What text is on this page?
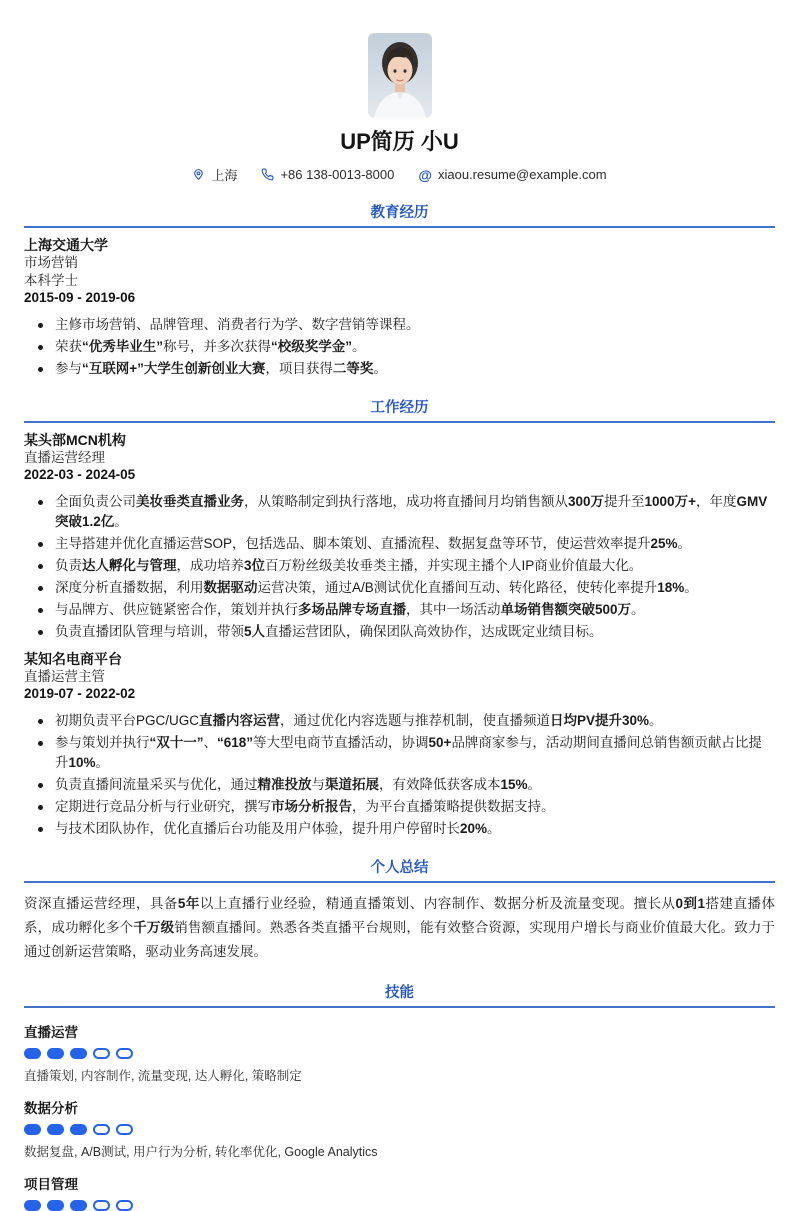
UP简历 小U
上海	+86 138-0013-8000 @ xiaou.resume@example.com
教育经历
上海交通大学
市场营销
本科学士
2015-09 - 2019-06
主修市场营销、品牌管理、消费者行为学、数字营销等课程。
荣获“优秀毕业生”称号，并多次获得“校级奖学金”。
参与“互联网+”大学生创新创业大赛，项目获得二等奖。
工作经历
某头部MCN机构
直播运营经理
2022-03 - 2024-05
全面负责公司美妆垂类直播业务，从策略制定到执行落地，成功将直播间月均销售额从300万提升至1000万+，年度GMV突破1.2亿。
主导搭建并优化直播运营SOP，包括选品、脚本策划、直播流程、数据复盘等环节，使运营效率提升25%。
负责达人孵化与管理，成功培养3位百万粉丝级美妆垂类主播，并实现主播个人IP商业价值最大化。
深度分析直播数据，利用数据驱动运营决策，通过A/B测试优化直播间互动、转化路径，使转化率提升18%。
与品牌方、供应链紧密合作，策划并执行多场品牌专场直播，其中一场活动单场销售额突破500万。
负责直播团队管理与培训，带领5人直播运营团队，确保团队高效协作，达成既定业绩目标。
某知名电商平台
直播运营主管
2019-07 - 2022-02
初期负责平台PGC/UGC直播内容运营，通过优化内容选题与推荐机制，使直播频道日均PV提升30%。
参与策划并执行“双十一”、“618”等大型电商节直播活动，协调50+品牌商家参与，活动期间直播间总销售额贡献占比提升10%。
负责直播间流量采买与优化，通过精准投放与渠道拓展，有效降低获客成本15%。
定期进行竞品分析与行业研究，撰写市场分析报告，为平台直播策略提供数据支持。
与技术团队协作，优化直播后台功能及用户体验，提升用户停留时长20%。
个人总结
资深直播运营经理，具备5年以上直播行业经验，精通直播策划、内容制作、数据分析及流量变现。擅长从0到1搭建直播体系，成功孵化多个千万级销售额直播间。熟悉各类直播平台规则，能有效整合资源，实现用户增长与商业价值最大化。致力于通过创新运营策略，驱动业务高速发展。
技能
直播运营
直播策划, 内容制作, 流量变现, 达人孵化, 策略制定
数据分析
数据复盘, A/B测试, 用户行为分析, 转化率优化, Google Analytics
项目管理
